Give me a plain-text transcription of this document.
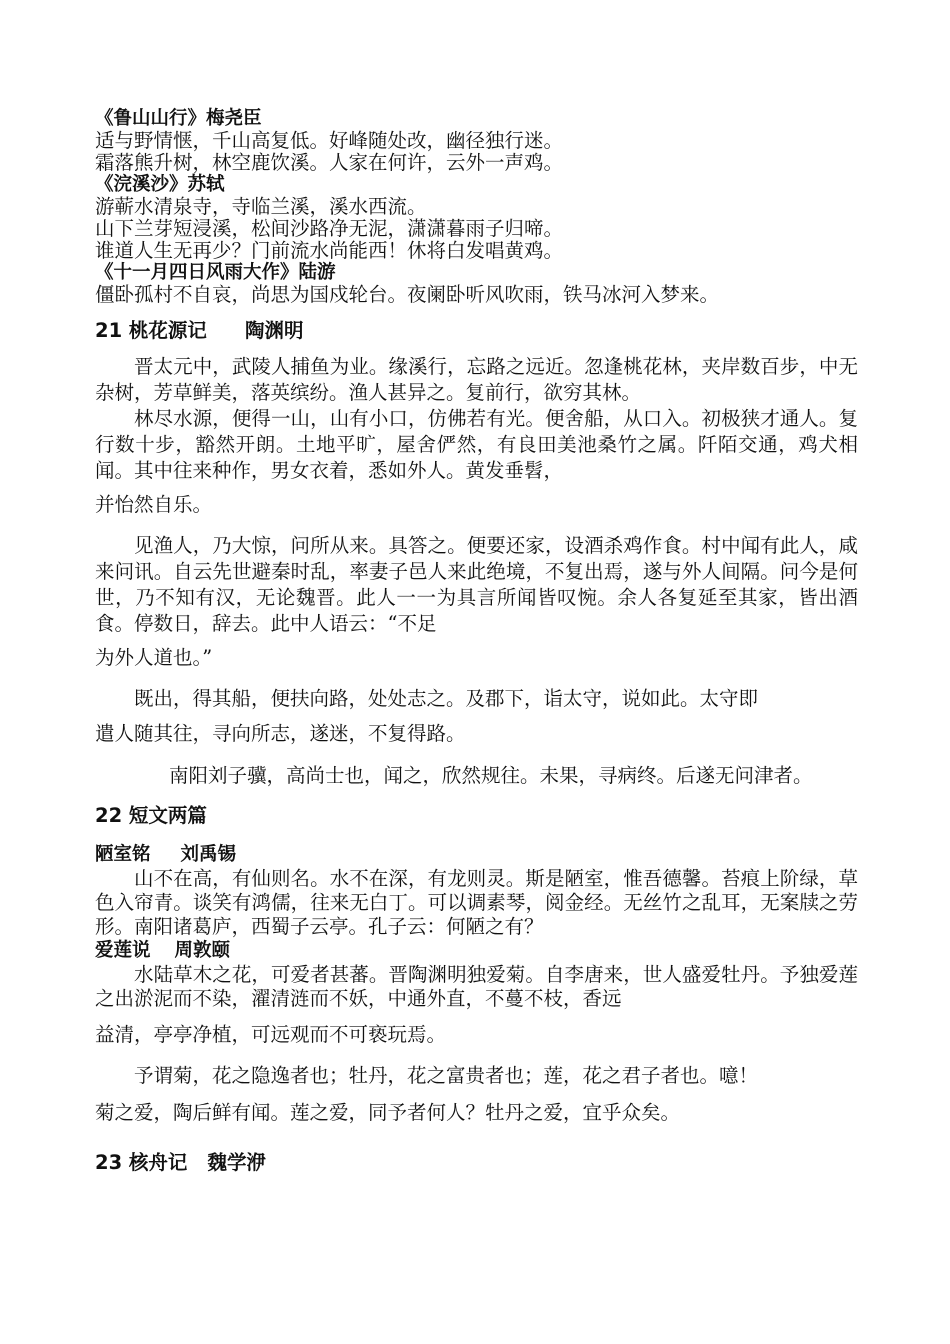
《鲁山山行》梅尧臣
适与野情惬，千山高复低。好峰随处改，幽径独行迷。
霜落熊升树，林空鹿饮溪。人家在何许，云外一声鸡。
《浣溪沙》苏轼
游蕲水清泉寺，寺临兰溪，溪水西流。
山下兰芽短浸溪，松间沙路净无泥，潇潇暮雨子归啼。
谁道人生无再少？门前流水尚能西！休将白发唱黄鸡。
《十一月四日风雨大作》陆游
僵卧孤村不自哀，尚思为国戍轮台。夜阑卧听风吹雨，铁马冰河入梦来。
21 桃花源记 陶渊明
晋太元中，武陵人捕鱼为业。缘溪行，忘路之远近。忽逢桃花林，夹岸数百步，中无杂树，芳草鲜美，落英缤纷。渔人甚异之。复前行，欲穷其林。
林尽水源，便得一山，山有小口，仿佛若有光。便舍船，从口入。初极狭才通人。复行数十步，豁然开朗。土地平旷，屋舍俨然，有良田美池桑竹之属。阡陌交通，鸡犬相闻。其中往来种作，男女衣着，悉如外人。黄发垂髫，
并怡然自乐。
见渔人，乃大惊，问所从来。具答之。便要还家，设酒杀鸡作食。村中闻有此人，咸来问讯。自云先世避秦时乱，率妻子邑人来此绝境，不复出焉，遂与外人间隔。问今是何世，乃不知有汉，无论魏晋。此人一一为具言所闻皆叹惋。余人各复延至其家，皆出酒食。停数日，辞去。此中人语云：“不足
为外人道也。”
既出，得其船，便扶向路，处处志之。及郡下，诣太守，说如此。太守即
遣人随其往，寻向所志，遂迷，不复得路。
南阳刘子骥，高尚士也，闻之，欣然规往。未果，寻病终。后遂无问津者。
22 短文两篇
陋室铭 刘禹锡
山不在高，有仙则名。水不在深，有龙则灵。斯是陋室，惟吾德馨。苔痕上阶绿，草色入帘青。谈笑有鸿儒，往来无白丁。可以调素琴，阅金经。无丝竹之乱耳，无案牍之劳形。南阳诸葛庐，西蜀子云亭。孔子云：何陋之有？
爱莲说 周敦颐
水陆草木之花，可爱者甚蕃。晋陶渊明独爱菊。自李唐来，世人盛爱牡丹。予独爱莲之出淤泥而不染，濯清涟而不妖，中通外直，不蔓不枝，香远
益清，亭亭净植，可远观而不可亵玩焉。
予谓菊，花之隐逸者也；牡丹，花之富贵者也；莲，花之君子者也。噫！
菊之爱，陶后鲜有闻。莲之爱，同予者何人？牡丹之爱，宜乎众矣。
23 核舟记 魏学洢
